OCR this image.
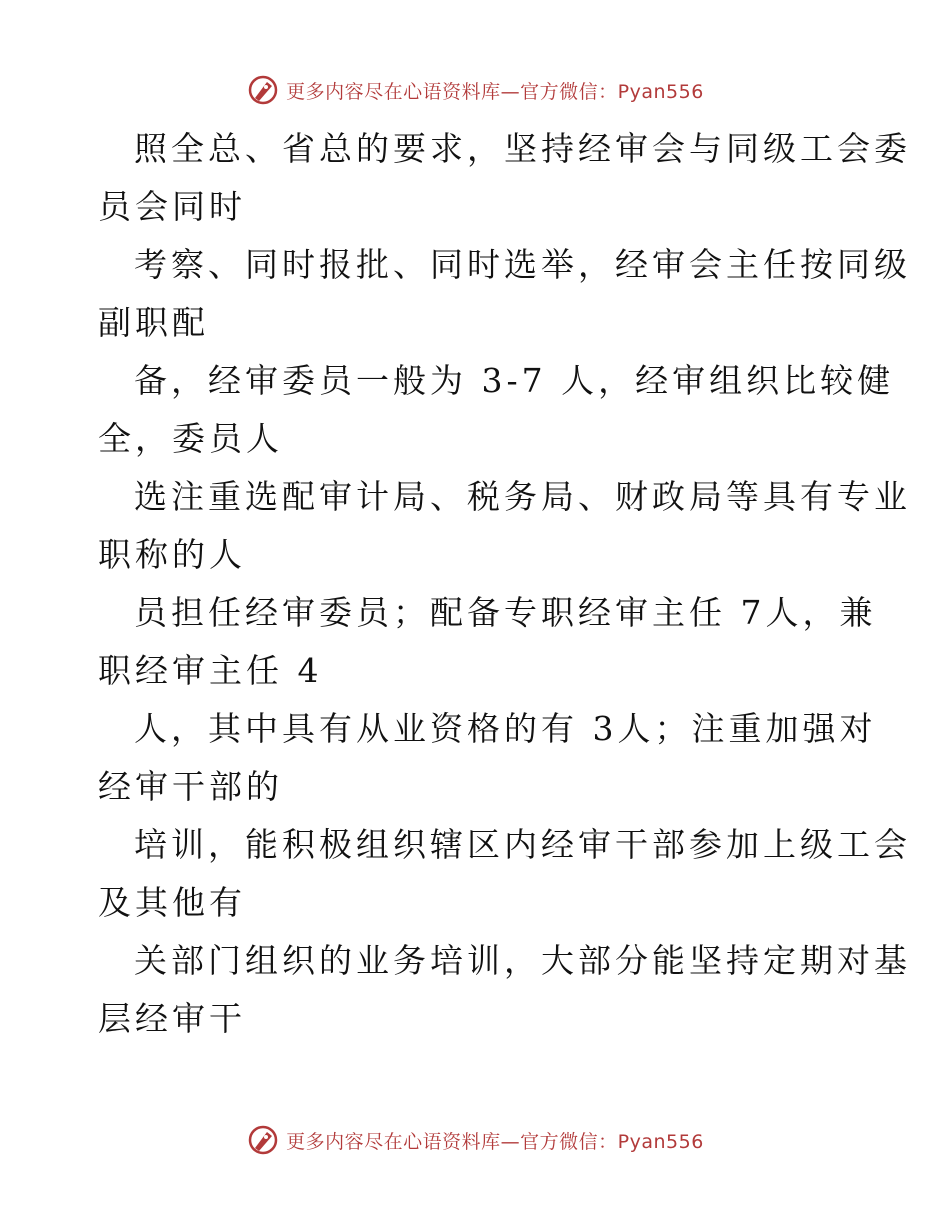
更多内容尽在心语资料库—官方微信：Pyan556
照全总、省总的要求，坚持经审会与同级工会委
员会同时
考察、同时报批、同时选举，经审会主任按同级
副职配
备，经审委员一般为 3-7 人，经审组织比较健
全，委员人
选注重选配审计局、税务局、财政局等具有专业
职称的人
员担任经审委员；配备专职经审主任 7人，兼
职经审主任 4
人，其中具有从业资格的有 3人；注重加强对
经审干部的
培训，能积极组织辖区内经审干部参加上级工会
及其他有
关部门组织的业务培训，大部分能坚持定期对基
层经审干
更多内容尽在心语资料库—官方微信：Pyan556
